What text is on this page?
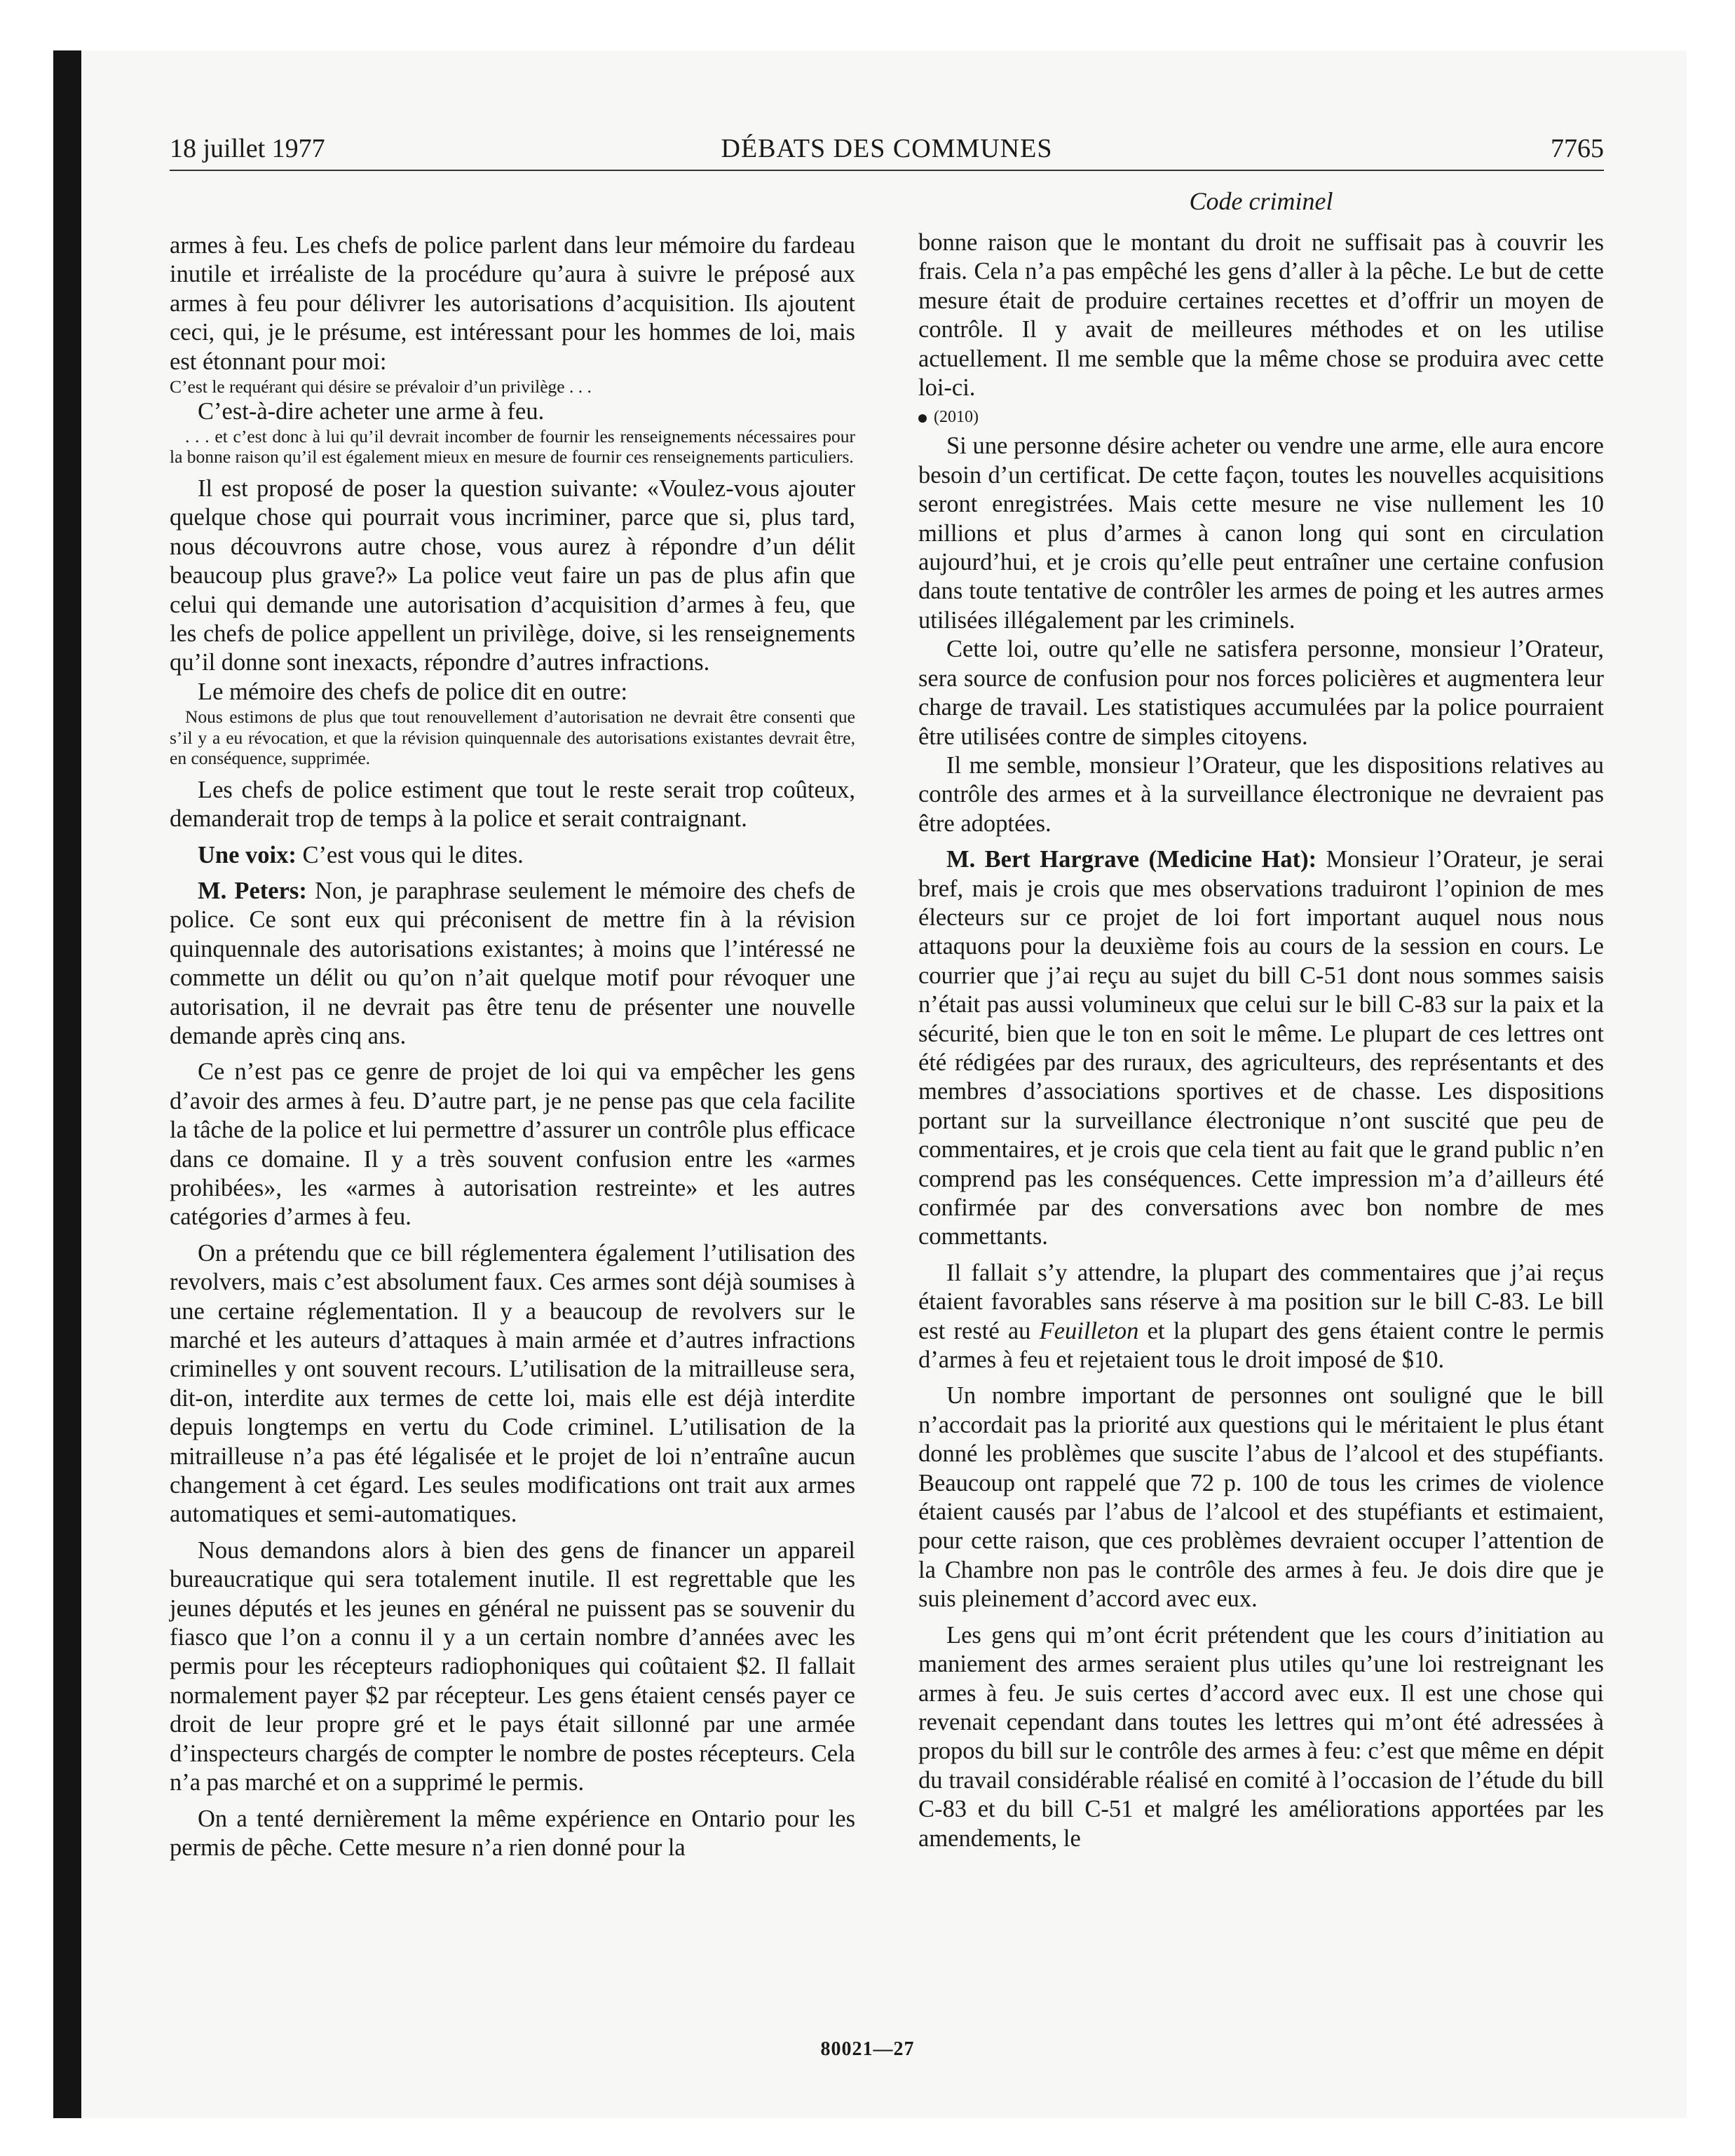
18 juillet 1977	DÉBATS DES COMMUNES	7765
Code criminel

armes à feu. Les chefs de police parlent dans leur mémoire du fardeau inutile et irréaliste de la procédure qu’aura à suivre le préposé aux armes à feu pour délivrer les autorisations d’acquisition. Ils ajoutent ceci, qui, je le présume, est intéressant pour les hommes de loi, mais est étonnant pour moi:

C’est le requérant qui désire se prévaloir d’un privilège . . .

C’est-à-dire acheter une arme à feu.

. . . et c’est donc à lui qu’il devrait incomber de fournir les renseignements nécessaires pour la bonne raison qu’il est également mieux en mesure de fournir ces renseignements particuliers.

Il est proposé de poser la question suivante: «Voulez-vous ajouter quelque chose qui pourrait vous incriminer, parce que si, plus tard, nous découvrons autre chose, vous aurez à répondre d’un délit beaucoup plus grave?» La police veut faire un pas de plus afin que celui qui demande une autorisation d’acquisition d’armes à feu, que les chefs de police appellent un privilège, doive, si les renseignements qu’il donne sont inexacts, répondre d’autres infractions.

Le mémoire des chefs de police dit en outre:

Nous estimons de plus que tout renouvellement d’autorisation ne devrait être consenti que s’il y a eu révocation, et que la révision quinquennale des autorisations existantes devrait être, en conséquence, supprimée.

Les chefs de police estiment que tout le reste serait trop coûteux, demanderait trop de temps à la police et serait contraignant.

Une voix: C’est vous qui le dites.

M. Peters: Non, je paraphrase seulement le mémoire des chefs de police. Ce sont eux qui préconisent de mettre fin à la révision quinquennale des autorisations existantes; à moins que l’intéressé ne commette un délit ou qu’on n’ait quelque motif pour révoquer une autorisation, il ne devrait pas être tenu de présenter une nouvelle demande après cinq ans.

Ce n’est pas ce genre de projet de loi qui va empêcher les gens d’avoir des armes à feu. D’autre part, je ne pense pas que cela facilite la tâche de la police et lui permettre d’assurer un contrôle plus efficace dans ce domaine. Il y a très souvent confusion entre les «armes prohibées», les «armes à autorisation restreinte» et les autres catégories d’armes à feu.

On a prétendu que ce bill réglementera également l’utilisation des revolvers, mais c’est absolument faux. Ces armes sont déjà soumises à une certaine réglementation. Il y a beaucoup de revolvers sur le marché et les auteurs d’attaques à main armée et d’autres infractions criminelles y ont souvent recours. L’utilisation de la mitrailleuse sera, dit-on, interdite aux termes de cette loi, mais elle est déjà interdite depuis longtemps en vertu du Code criminel. L’utilisation de la mitrailleuse n’a pas été légalisée et le projet de loi n’entraîne aucun changement à cet égard. Les seules modifications ont trait aux armes automatiques et semi-automatiques.

Nous demandons alors à bien des gens de financer un appareil bureaucratique qui sera totalement inutile. Il est regrettable que les jeunes députés et les jeunes en général ne puissent pas se souvenir du fiasco que l’on a connu il y a un certain nombre d’années avec les permis pour les récepteurs radiophoniques qui coûtaient $2. Il fallait normalement payer $2 par récepteur. Les gens étaient censés payer ce droit de leur propre gré et le pays était sillonné par une armée d’inspecteurs chargés de compter le nombre de postes récepteurs. Cela n’a pas marché et on a supprimé le permis.

On a tenté dernièrement la même expérience en Ontario pour les permis de pêche. Cette mesure n’a rien donné pour la

bonne raison que le montant du droit ne suffisait pas à couvrir les frais. Cela n’a pas empêché les gens d’aller à la pêche. Le but de cette mesure était de produire certaines recettes et d’offrir un moyen de contrôle. Il y avait de meilleures méthodes et on les utilise actuellement. Il me semble que la même chose se produira avec cette loi-ci.

(2010)

Si une personne désire acheter ou vendre une arme, elle aura encore besoin d’un certificat. De cette façon, toutes les nouvelles acquisitions seront enregistrées. Mais cette mesure ne vise nullement les 10 millions et plus d’armes à canon long qui sont en circulation aujourd’hui, et je crois qu’elle peut entraîner une certaine confusion dans toute tentative de contrôler les armes de poing et les autres armes utilisées illégalement par les criminels.

Cette loi, outre qu’elle ne satisfera personne, monsieur l’Orateur, sera source de confusion pour nos forces policières et augmentera leur charge de travail. Les statistiques accumulées par la police pourraient être utilisées contre de simples citoyens.

Il me semble, monsieur l’Orateur, que les dispositions relatives au contrôle des armes et à la surveillance électronique ne devraient pas être adoptées.

M. Bert Hargrave (Medicine Hat): Monsieur l’Orateur, je serai bref, mais je crois que mes observations traduiront l’opinion de mes électeurs sur ce projet de loi fort important auquel nous nous attaquons pour la deuxième fois au cours de la session en cours. Le courrier que j’ai reçu au sujet du bill C-51 dont nous sommes saisis n’était pas aussi volumineux que celui sur le bill C-83 sur la paix et la sécurité, bien que le ton en soit le même. Le plupart de ces lettres ont été rédigées par des ruraux, des agriculteurs, des représentants et des membres d’associations sportives et de chasse. Les dispositions portant sur la surveillance électronique n’ont suscité que peu de commentaires, et je crois que cela tient au fait que le grand public n’en comprend pas les conséquences. Cette impression m’a d’ailleurs été confirmée par des conversations avec bon nombre de mes commettants.

Il fallait s’y attendre, la plupart des commentaires que j’ai reçus étaient favorables sans réserve à ma position sur le bill C-83. Le bill est resté au Feuilleton et la plupart des gens étaient contre le permis d’armes à feu et rejetaient tous le droit imposé de $10.

Un nombre important de personnes ont souligné que le bill n’accordait pas la priorité aux questions qui le méritaient le plus étant donné les problèmes que suscite l’abus de l’alcool et des stupéfiants. Beaucoup ont rappelé que 72 p. 100 de tous les crimes de violence étaient causés par l’abus de l’alcool et des stupéfiants et estimaient, pour cette raison, que ces problèmes devraient occuper l’attention de la Chambre non pas le contrôle des armes à feu. Je dois dire que je suis pleinement d’accord avec eux.

Les gens qui m’ont écrit prétendent que les cours d’initiation au maniement des armes seraient plus utiles qu’une loi restreignant les armes à feu. Je suis certes d’accord avec eux. Il est une chose qui revenait cependant dans toutes les lettres qui m’ont été adressées à propos du bill sur le contrôle des armes à feu: c’est que même en dépit du travail considérable réalisé en comité à l’occasion de l’étude du bill C-83 et du bill C-51 et malgré les améliorations apportées par les amendements, le

80021—27
